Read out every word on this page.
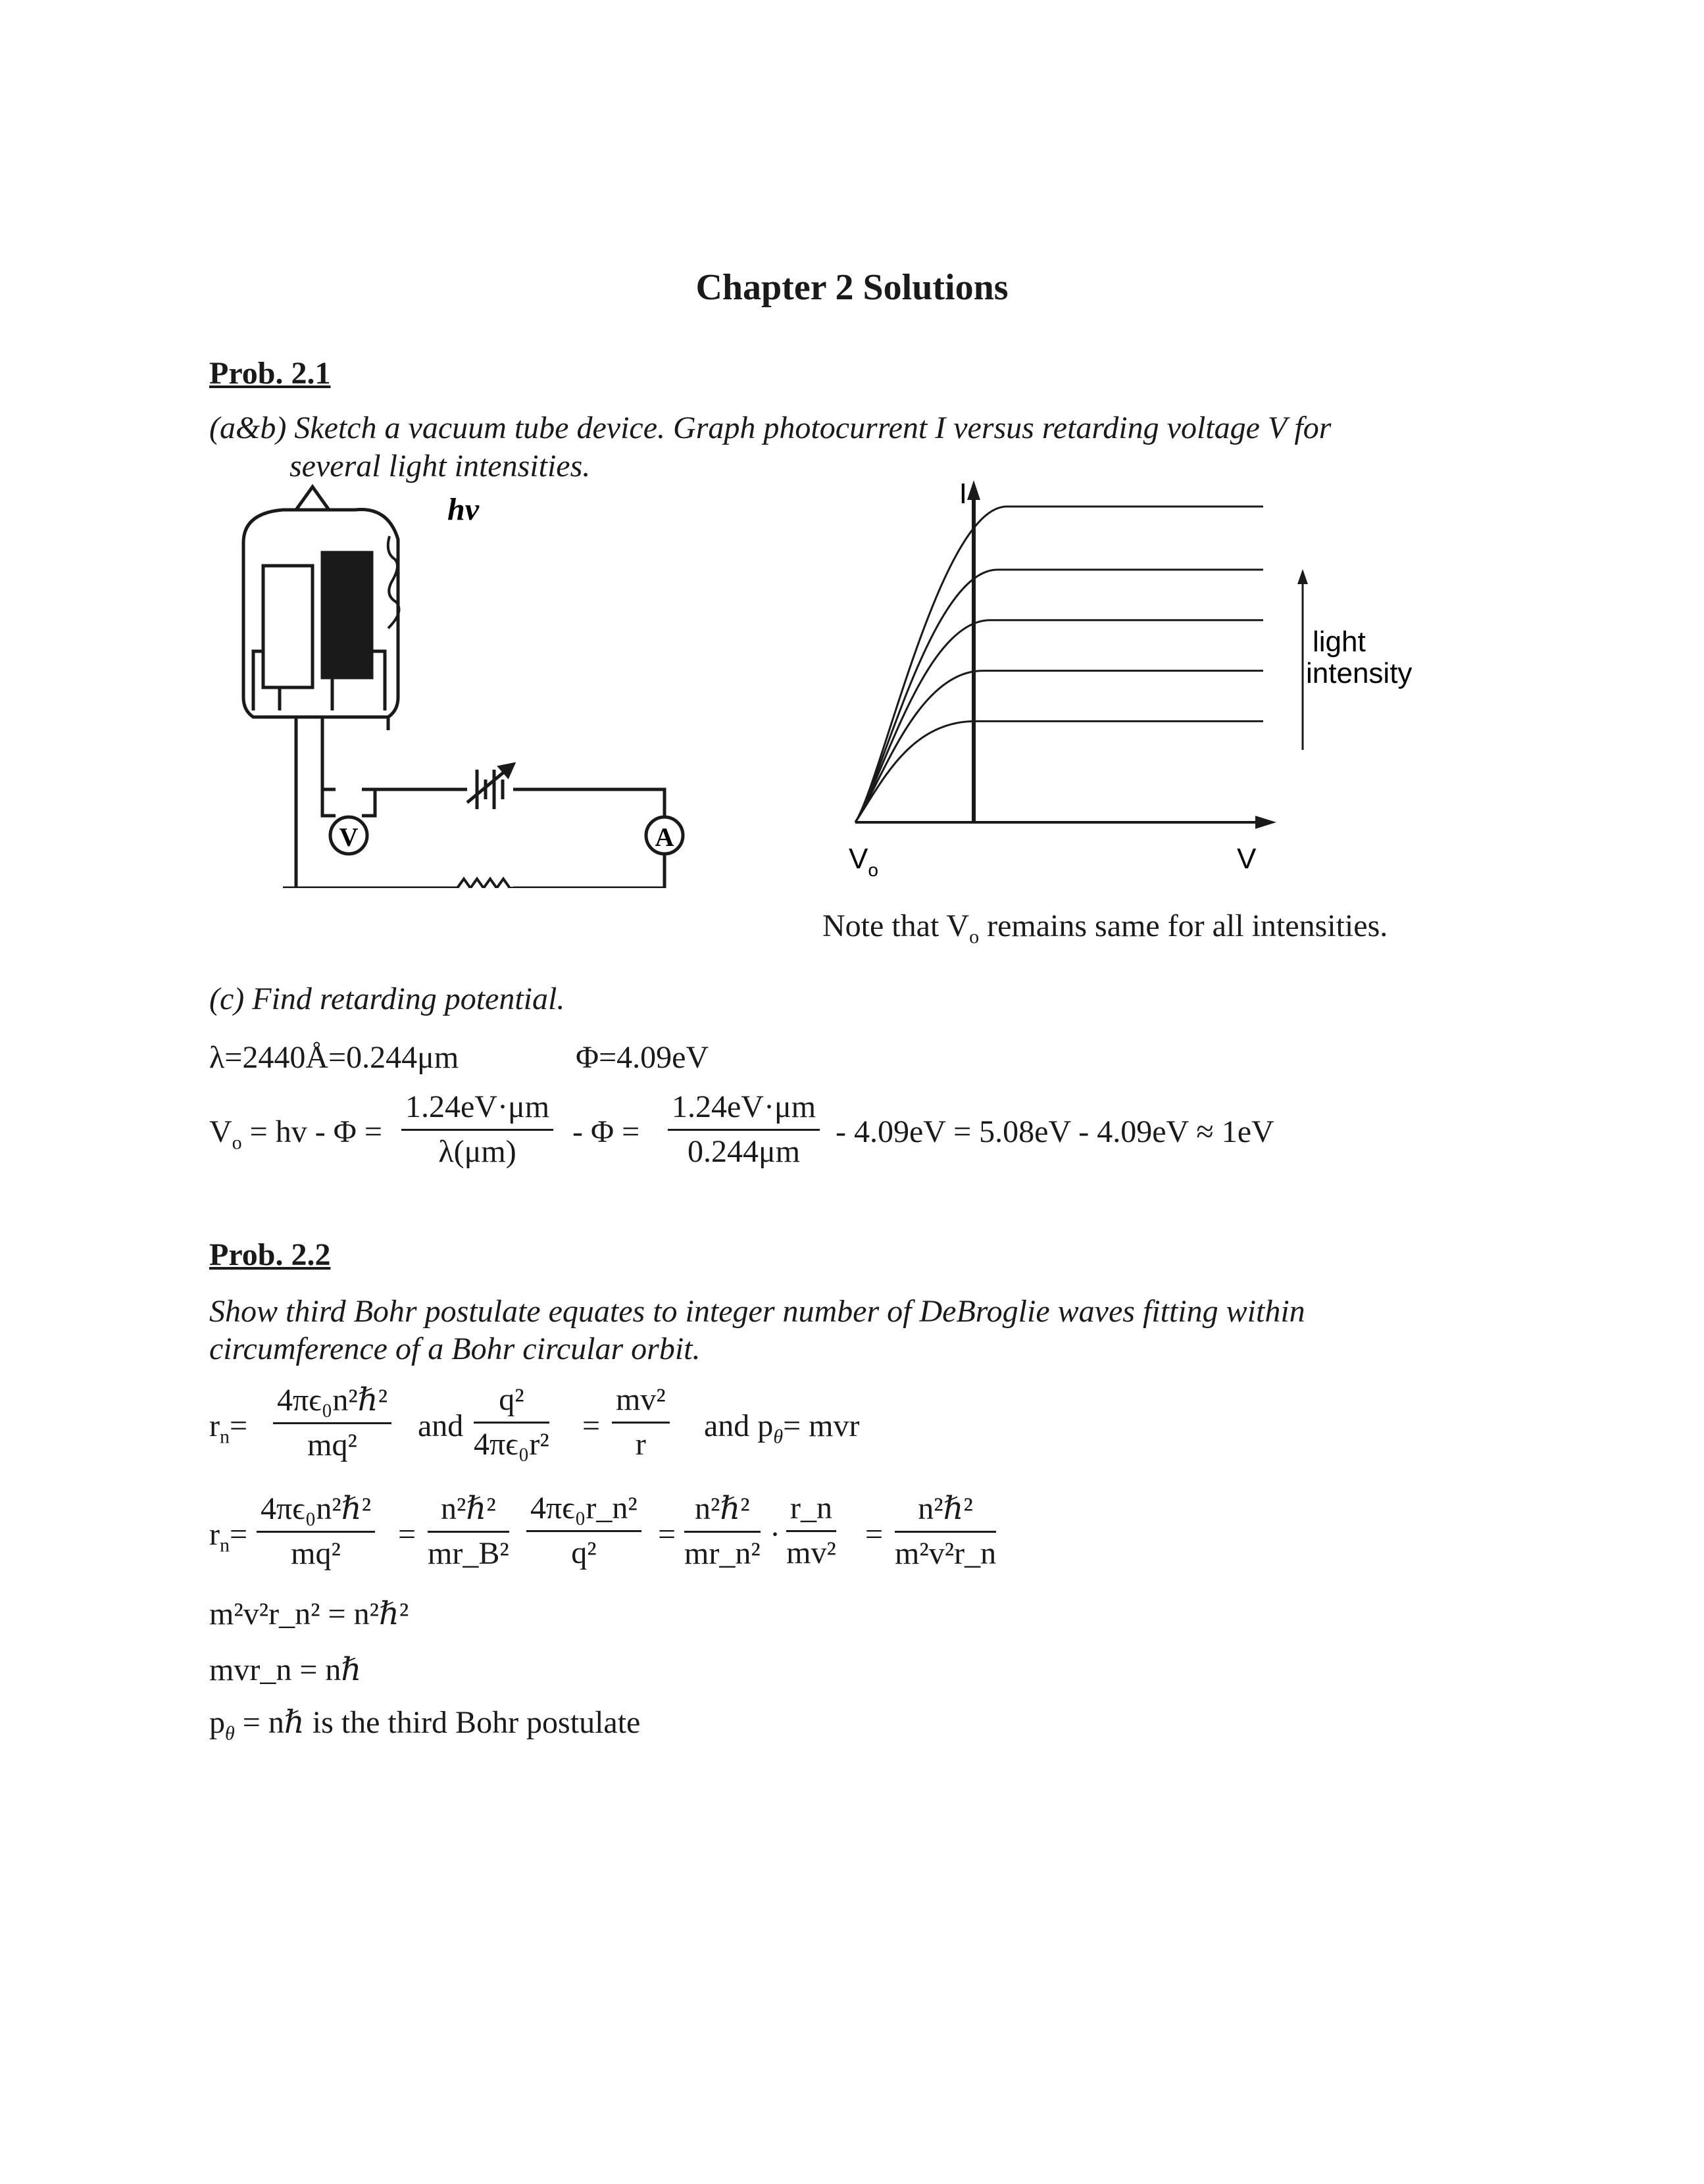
Chapter 2 Solutions
Prob. 2.1
(a&b) Sketch a vacuum tube device. Graph photocurrent I versus retarding voltage V for
several light intensities.
V	A
hv	I
$V_o$	V
light
intensity
Note that $V_o$ remains same for all intensities.
(c) Find retarding potential.
λ=2440Å=0.244μm	Φ=4.09eV
$V_o$ = hv - $\Phi = \frac{1.24eV\cdot\mu m}{\lambda(\mu m)} - \Phi = \frac{1.24eV\cdot\mu m}{0.244\mu m} - 4.09eV = 5.08eV - 4.09eV \approx 1eV$
Prob. 2.2
Show third Bohr postulate equates to integer number of DeBroglie waves fitting within
circumference of a Bohr circular orbit.
$r_n=$
4πϵ₀n²ℏ²
mq²
and $\frac{\text{q²}}{\text{4πϵ₀r²}} = \frac{\text{mv²}}{r}$ and $p_\theta=$ mvr
$r_n=$
4πϵ₀n²ℏ²
mq²
=
n²ℏ²
mr_B² $\frac{\text{4πϵ₀r\_n²}}{\text{q²}}$ =
n²ℏ²
mr_n²
· $\frac{r\_n}{\text{mv²}}$ =
n²ℏ²
m²v²r_n
m²v²r_n² = n²ℏ²
mvr_n = nℏ
$p_\theta$ = nℏ is the third Bohr postulate
